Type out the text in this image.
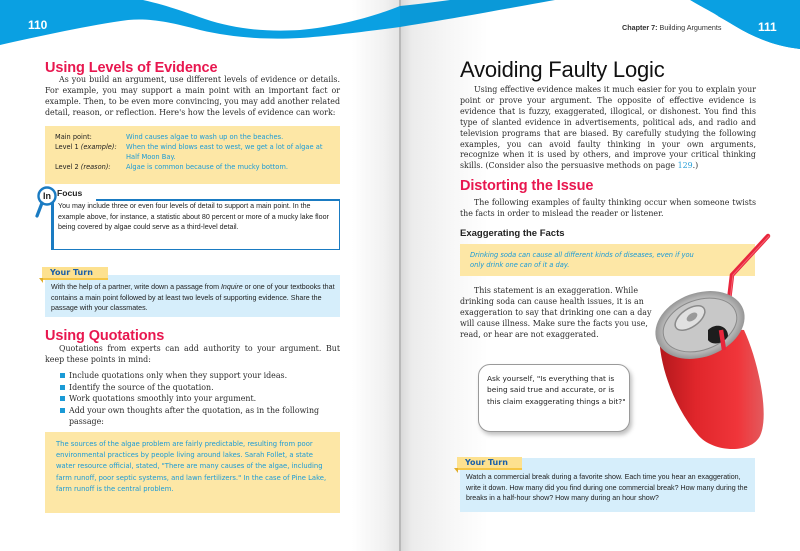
110	Chapter 7: Building Arguments	111
Using Levels of Evidence
As you build an argument, use different levels of evidence or details. For example, you may support a main point with an important fact or example. Then, to be even more convincing, you may add another related detail, reason, or reflection. Here's how the levels of evidence can work:
Main point:	Wind causes algae to wash up on the beaches.
Level 1 (example):	When the wind blows east to west, we get a lot of algae at Half Moon Bay.
Level 2 (reason):	Algae is common because of the mucky bottom.
In Focus
You may include three or even four levels of detail to support a main point. In the example above, for instance, a statistic about 80 percent or more of a mucky lake floor being covered by algae could serve as a third-level detail.
Your Turn
With the help of a partner, write down a passage from Inquire or one of your textbooks that contains a main point followed by at least two levels of supporting evidence. Share the passage with your classmates.
Using Quotations
Quotations from experts can add authority to your argument. But keep these points in mind:
Include quotations only when they support your ideas.
Identify the source of the quotation.
Work quotations smoothly into your argument.
Add your own thoughts after the quotation, as in the following passage:
The sources of the algae problem are fairly predictable, resulting from poor environmental practices by people living around lakes. Sarah Follet, a state water resource official, stated, "There are many causes of the algae, including farm runoff, poor septic systems, and lawn fertilizers." In the case of Pine Lake, farm runoff is the central problem.
Avoiding Faulty Logic
Using effective evidence makes it much easier for you to explain your point or prove your argument. The opposite of effective evidence is evidence that is fuzzy, exaggerated, illogical, or dishonest. You find this type of slanted evidence in advertisements, political ads, and radio and television programs that are biased. By carefully studying the following examples, you can avoid faulty thinking in your own arguments, recognize when it is used by others, and improve your critical thinking skills. (Consider also the persuasive methods on page 129.)
Distorting the Issue
The following examples of faulty thinking occur when someone twists the facts in order to mislead the reader or listener.
Exaggerating the Facts
Drinking soda can cause all different kinds of diseases, even if you only drink one can of it a day.
This statement is an exaggeration. While drinking soda can cause health issues, it is an exaggeration to say that drinking one can a day will cause illness. Make sure the facts you use, read, or hear are not exaggerated.
Ask yourself, "Is everything that is being said true and accurate, or is this claim exaggerating things a bit?"
Your Turn
Watch a commercial break during a favorite show. Each time you hear an exaggeration, write it down. How many did you find during one commercial break? How many during the breaks in a half-hour show? How many during an hour show?
